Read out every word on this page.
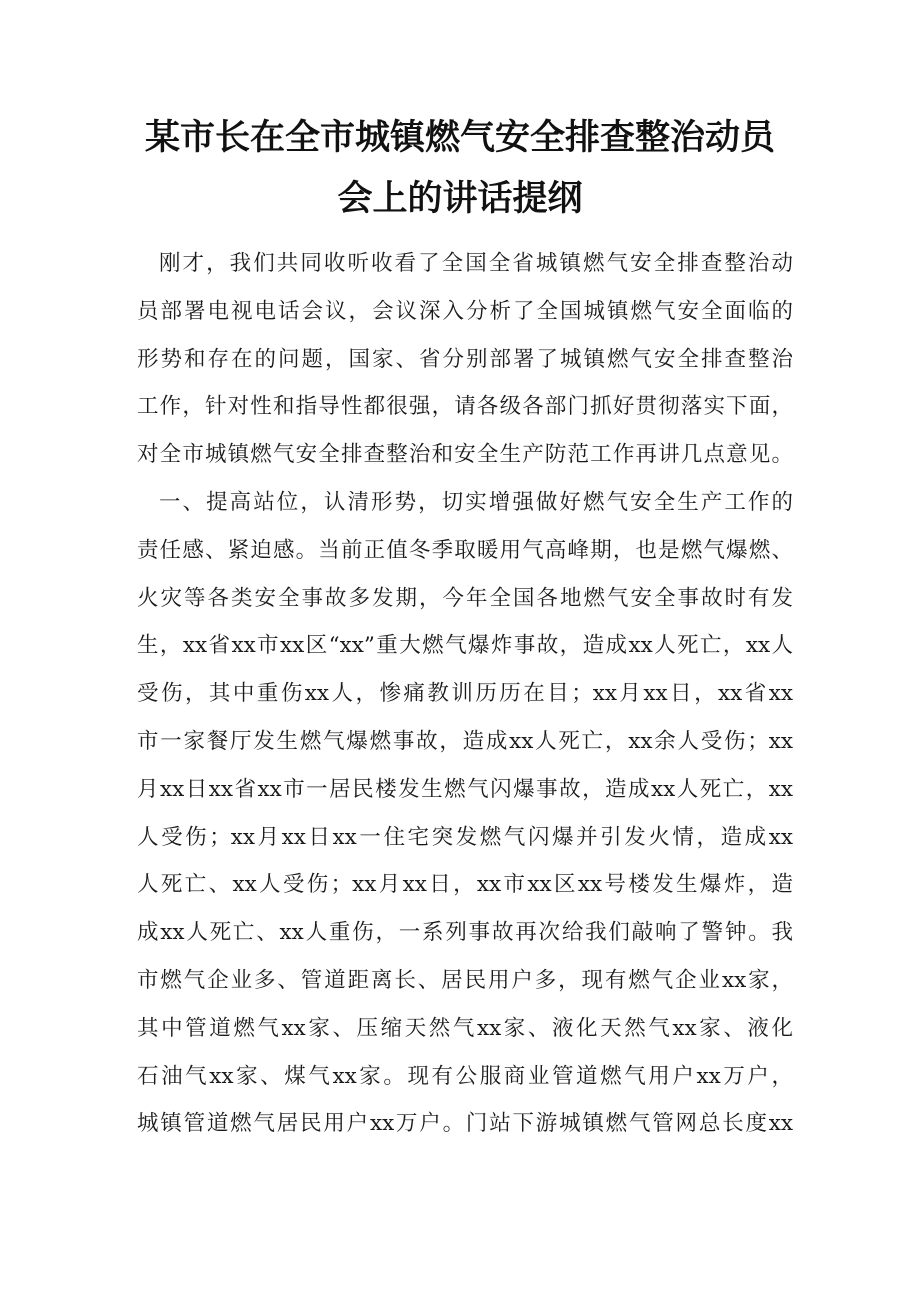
某市长在全市城镇燃气安全排查整治动员
会上的讲话提纲
刚才，我们共同收听收看了全国全省城镇燃气安全排查整治动
员部署电视电话会议，会议深入分析了全国城镇燃气安全面临的
形势和存在的问题，国家、省分别部署了城镇燃气安全排查整治
工作，针对性和指导性都很强，请各级各部门抓好贯彻落实下面，
对全市城镇燃气安全排查整治和安全生产防范工作再讲几点意见。
一、提高站位，认清形势，切实增强做好燃气安全生产工作的
责任感、紧迫感。当前正值冬季取暖用气高峰期，也是燃气爆燃、
火灾等各类安全事故多发期，今年全国各地燃气安全事故时有发
生，xx省xx市xx区“xx”重大燃气爆炸事故，造成xx人死亡，xx人
受伤，其中重伤xx人，惨痛教训历历在目；xx月xx日，xx省xx
市一家餐厅发生燃气爆燃事故，造成xx人死亡，xx余人受伤；xx
月xx日xx省xx市一居民楼发生燃气闪爆事故，造成xx人死亡，xx
人受伤；xx月xx日xx一住宅突发燃气闪爆并引发火情，造成xx
人死亡、xx人受伤；xx月xx日，xx市xx区xx号楼发生爆炸，造
成xx人死亡、xx人重伤，一系列事故再次给我们敲响了警钟。我
市燃气企业多、管道距离长、居民用户多，现有燃气企业xx家，
其中管道燃气xx家、压缩天然气xx家、液化天然气xx家、液化
石油气xx家、煤气xx家。现有公服商业管道燃气用户xx万户，
城镇管道燃气居民用户xx万户。门站下游城镇燃气管网总长度xx
